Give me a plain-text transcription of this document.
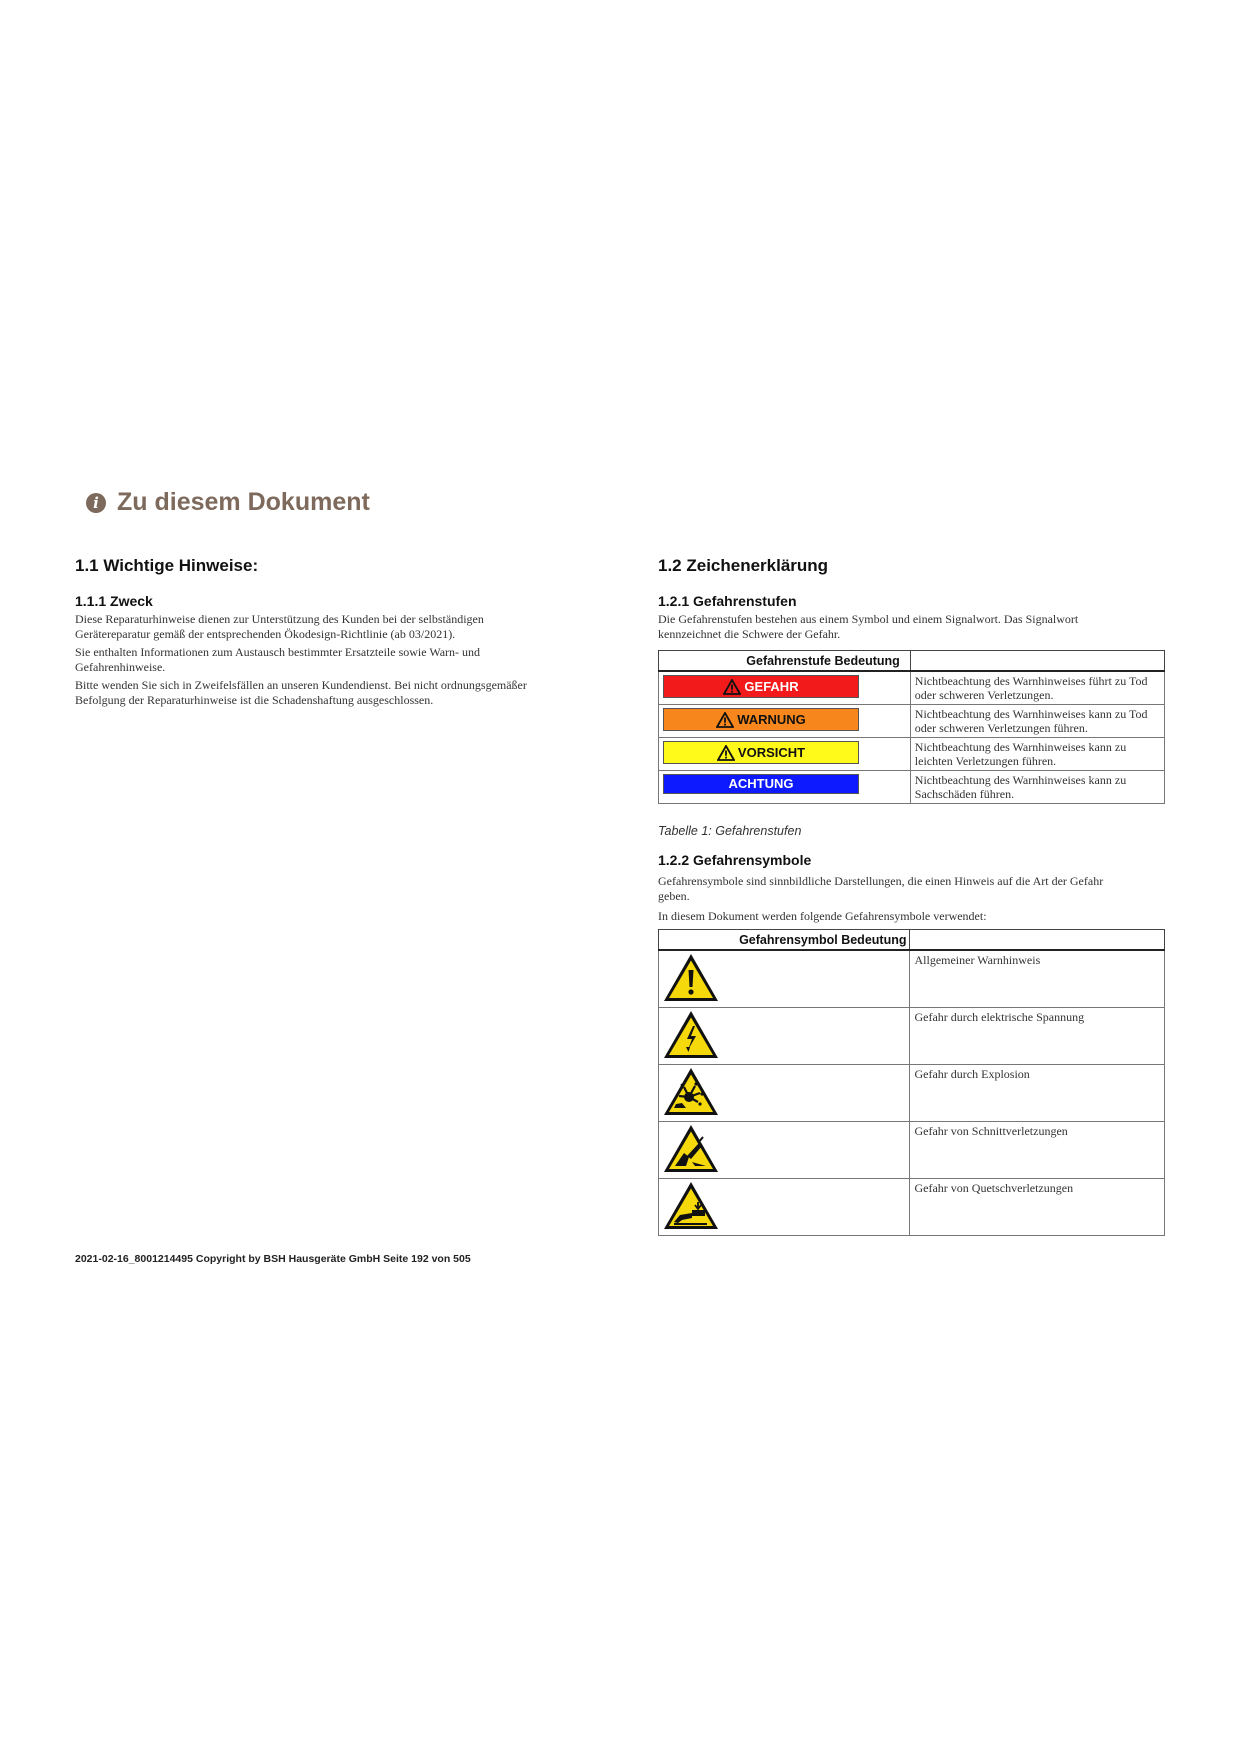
i Zu diesem Dokument
1.1 Wichtige Hinweise:
1.1.1 Zweck

Diese Reparaturhinweise dienen zur Unterstützung des Kunden bei der selbständigen Gerätereparatur gemäß der entsprechenden Ökodesign-Richtlinie (ab 03/2021).

Sie enthalten Informationen zum Austausch bestimmter Ersatzteile sowie Warn- und Gefahrenhinweise.

Bitte wenden Sie sich in Zweifelsfällen an unseren Kundendienst. Bei nicht ordnungsgemäßer Befolgung der Reparaturhinweise ist die Schadenshaftung ausgeschlossen.

1.2 Zeichenerklärung
1.2.1 Gefahrenstufen
Die Gefahrenstufen bestehen aus einem Symbol und einem Signalwort. Das Signalwort kennzeichnet die Schwere der Gefahr.
Gefahrenstufe Bedeutung	

GEFAHR	Nichtbeachtung des Warnhinweises führt zu Tod oder schweren Verletzungen.

WARNUNG	Nichtbeachtung des Warnhinweises kann zu Tod oder schweren Verletzungen führen.

VORSICHT	Nichtbeachtung des Warnhinweises kann zu leichten Verletzungen führen.

ACHTUNG	Nichtbeachtung des Warnhinweises kann zu Sachschäden führen.
Tabelle 1: Gefahrenstufen
1.2.2 Gefahrensymbole

Gefahrensymbole sind sinnbildliche Darstellungen, die einen Hinweis auf die Art der Gefahr geben.

In diesem Dokument werden folgende Gefahrensymbole verwendet:

Gefahrensymbol Bedeutung	
	Allgemeiner Warnhinweis
	Gefahr durch elektrische Spannung
	Gefahr durch Explosion
	Gefahr von Schnittverletzungen
	Gefahr von Quetschverletzungen
2021-02-16_8001214495 Copyright by BSH Hausgeräte GmbH Seite 192 von 505
